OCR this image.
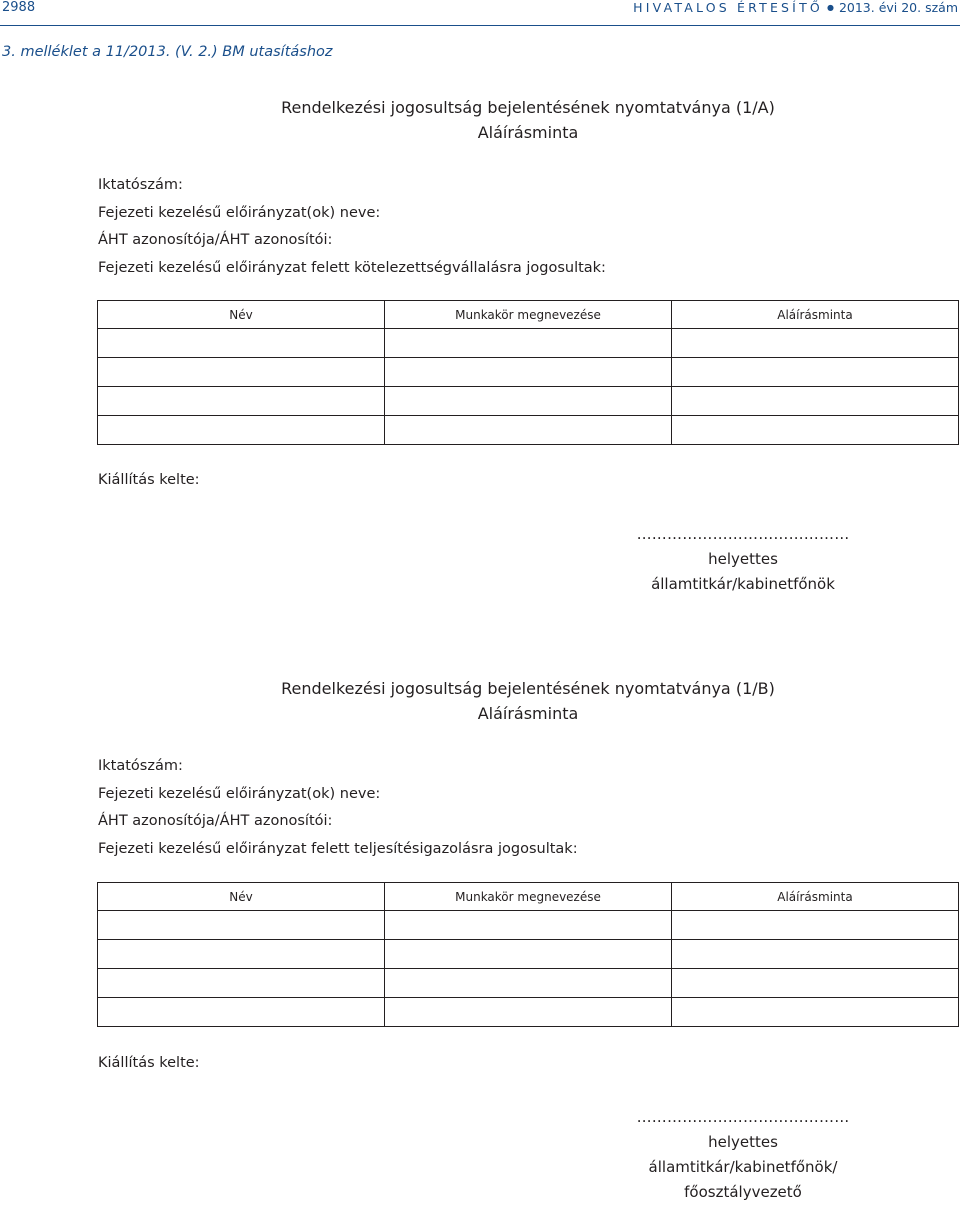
2988	HIVATALOS ÉRTESÍTŐ ● 2013. évi 20. szám
3. melléklet a 11/2013. (V. 2.) BM utasításhoz
Rendelkezési jogosultság bejelentésének nyomtatványa (1/A)
Aláírásminta
Iktatószám:
Fejezeti kezelésű előirányzat(ok) neve:
ÁHT azonosítója/ÁHT azonosítói:
Fejezeti kezelésű előirányzat felett kötelezettségvállalásra jogosultak:
Név	Munkakör megnevezése	Aláírásminta

Kiállítás kelte:
……………………………………
helyettes
államtitkár/kabinetfőnök
Rendelkezési jogosultság bejelentésének nyomtatványa (1/B)
Aláírásminta
Iktatószám:
Fejezeti kezelésű előirányzat(ok) neve:
ÁHT azonosítója/ÁHT azonosítói:
Fejezeti kezelésű előirányzat felett teljesítésigazolásra jogosultak:
Név	Munkakör megnevezése	Aláírásminta

Kiállítás kelte:
……………………………………
helyettes
államtitkár/kabinetfőnök/
főosztályvezető
